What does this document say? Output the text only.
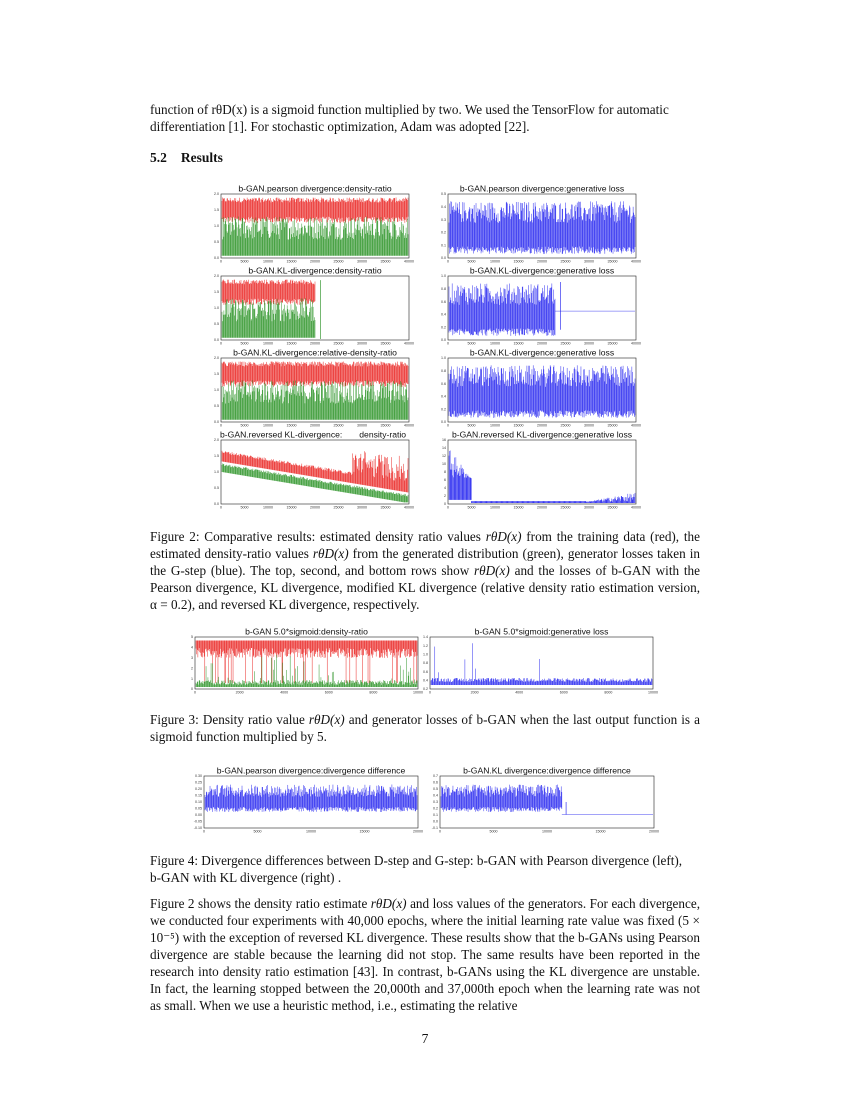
function of rθD(x) is a sigmoid function multiplied by two. We used the TensorFlow for automatic
differentiation [1]. For stochastic optimization, Adam was adopted [22].

5.2 Results
b-GAN.pearson divergence:density-ratio
2.0
1.5
1.0
0.5
0.0
0	5000	10000	15000	20000	25000	30000	35000	40000
b-GAN.pearson divergence:generative loss
0.5
0.4
0.3
0.2
0.1
0.0
0	5000	10000	15000	20000	25000	30000	35000	40000
b-GAN.KL-divergence:density-ratio
2.0
1.5
1.0
0.5
0.0
0	5000	10000	15000	20000	25000	30000	35000	40000
b-GAN.KL-divergence:generative loss
1.0
0.8
0.6
0.4
0.2
0.0
0	5000	10000	15000	20000	25000	30000	35000	40000
b-GAN.KL-divergence:relative-density-ratio
2.0
1.5
1.0
0.5
0.0
0	5000	10000	15000	20000	25000	30000	35000	40000
b-GAN.KL-divergence:generative loss
1.0
0.8
0.6
0.4
0.2
0.0
0	5000	10000	15000	20000	25000	30000	35000	40000
b-GAN.reversed KL-divergence: density-ratio
2.0
1.5
1.0
0.5
0.0
0	5000	10000	15000	20000	25000	30000	35000	40000
b-GAN.reversed KL-divergence:generative loss
16
14
12
10
8
6
4
2
0
0	5000	10000	15000	20000	25000	30000	35000	40000

Figure 2: Comparative results: estimated density ratio values rθD(x) from the training data (red), the estimated density-ratio values rθD(x) from the generated distribution (green), generator losses taken in the G-step (blue). The top, second, and bottom rows show rθD(x) and the losses of b-GAN with the Pearson divergence, KL divergence, modified KL divergence (relative density ratio estimation version, α = 0.2), and reversed KL divergence, respectively.

b-GAN 5.0*sigmoid:density-ratio
5
4
3
2
1
0
0	2000	4000	6000	8000	10000
b-GAN 5.0*sigmoid:generative loss
1.4
1.2
1.0
0.8
0.6
0.4
0.2
0	2000	4000	6000	8000	10000

Figure 3: Density ratio value rθD(x) and generator losses of b-GAN when the last output function is a sigmoid function multiplied by 5.

b-GAN.pearson divergence:divergence difference
0.30
0.25
0.20
0.15
0.10
0.05
0.00
-0.05
-0.10
0	5000	10000	15000	20000
b-GAN.KL divergence:divergence difference
0.7
0.6
0.5
0.4
0.3
0.2
0.1
0.0
-0.1
0	5000	10000	15000	20000

Figure 4: Divergence differences between D-step and G-step: b-GAN with Pearson divergence (left),
b-GAN with KL divergence (right) .

Figure 2 shows the density ratio estimate rθD(x) and loss values of the generators. For each divergence, we conducted four experiments with 40,000 epochs, where the initial learning rate value was fixed (5 × 10⁻⁵) with the exception of reversed KL divergence. These results show that the b-GANs using Pearson divergence are stable because the learning did not stop. The same results have been reported in the research into density ratio estimation [43]. In contrast, b-GANs using the KL divergence are unstable. In fact, the learning stopped between the 20,000th and 37,000th epoch when the learning rate was not as small. When we use a heuristic method, i.e., estimating the relative

7
